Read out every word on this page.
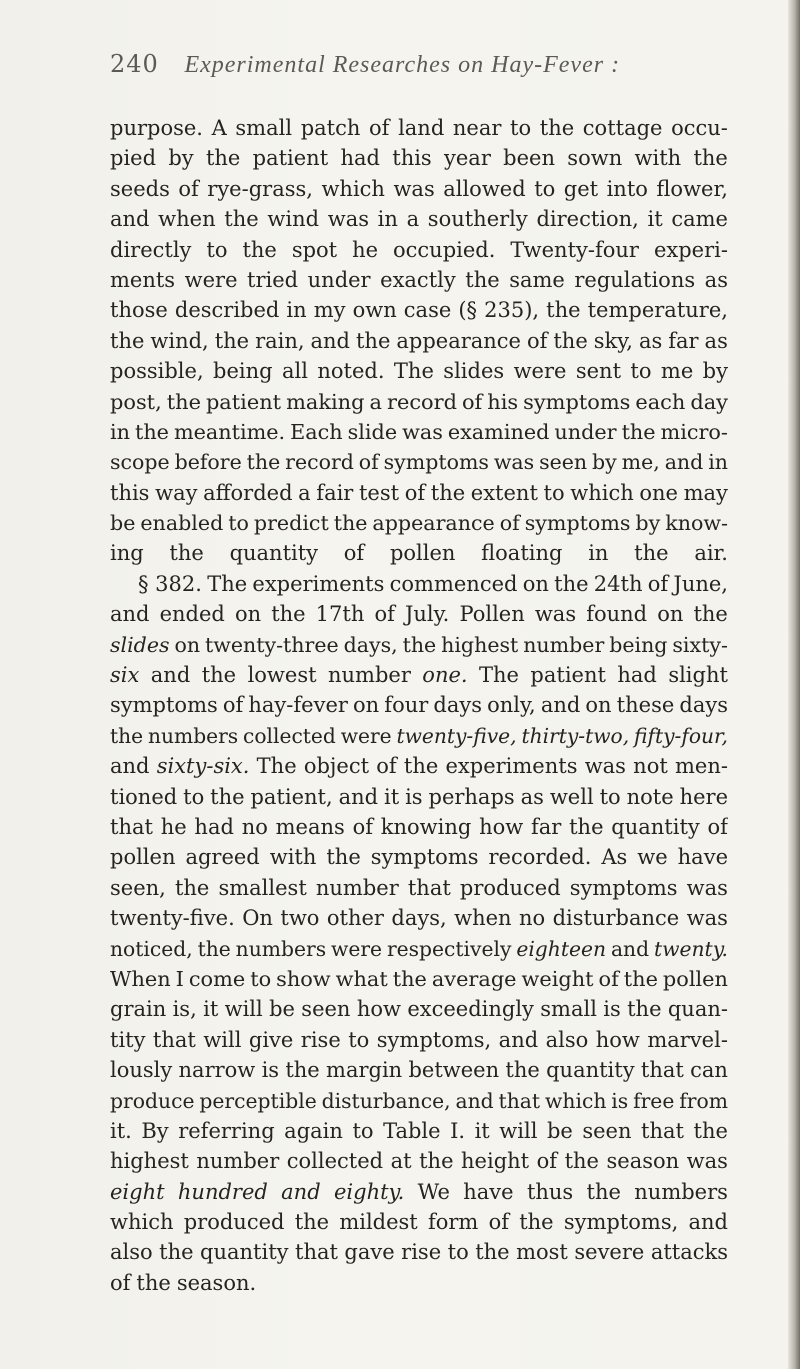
240 Experimental Researches on Hay-Fever :
purpose. A small patch of land near to the cottage occu-
pied by the patient had this year been sown with the
seeds of rye-grass, which was allowed to get into flower,
and when the wind was in a southerly direction, it came
directly to the spot he occupied. Twenty-four experi-
ments were tried under exactly the same regulations as
those described in my own case (§ 235), the temperature,
the wind, the rain, and the appearance of the sky, as far as
possible, being all noted. The slides were sent to me by
post, the patient making a record of his symptoms each day
in the meantime. Each slide was examined under the micro-
scope before the record of symptoms was seen by me, and in
this way afforded a fair test of the extent to which one may
be enabled to predict the appearance of symptoms by know-
ing the quantity of pollen floating in the air.
§ 382. The experiments commenced on the 24th of June,
and ended on the 17th of July. Pollen was found on the
slides on twenty-three days, the highest number being sixty-
six and the lowest number one. The patient had slight
symptoms of hay-fever on four days only, and on these days
the numbers collected were twenty-five, thirty-two, fifty-four,
and sixty-six. The object of the experiments was not men-
tioned to the patient, and it is perhaps as well to note here
that he had no means of knowing how far the quantity of
pollen agreed with the symptoms recorded. As we have
seen, the smallest number that produced symptoms was
twenty-five. On two other days, when no disturbance was
noticed, the numbers were respectively eighteen and twenty.
When I come to show what the average weight of the pollen
grain is, it will be seen how exceedingly small is the quan-
tity that will give rise to symptoms, and also how marvel-
lously narrow is the margin between the quantity that can
produce perceptible disturbance, and that which is free from
it. By referring again to Table I. it will be seen that the
highest number collected at the height of the season was
eight hundred and eighty. We have thus the numbers
which produced the mildest form of the symptoms, and
also the quantity that gave rise to the most severe attacks
of the season.
